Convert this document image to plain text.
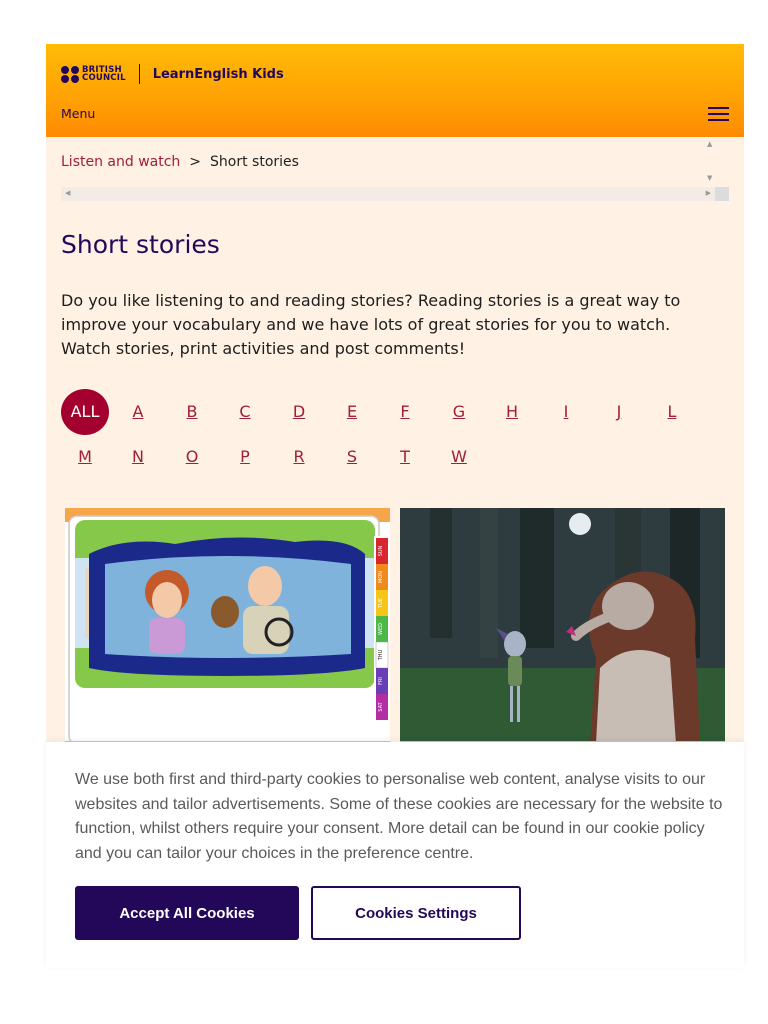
BRITISH
COUNCIL LearnEnglish Kids
Menu
Listen and watch > Short stories
▲
▼
◀	▶
Short stories

Do you like listening to and reading stories? Reading stories is a great way to improve your vocabulary and we have lots of great stories for you to watch. Watch stories, print activities and post comments!

ALL	A	B	C	D	E	F	G	H	I	J	L
M	N	O	P	R	S	T	W
SUN
MON
TUE
WED
THU
FRI
SAT

We use both first and third-party cookies to personalise web content, analyse visits to our websites and tailor advertisements. Some of these cookies are necessary for the website to function, whilst others require your consent. More detail can be found in our cookie policy and you can tailor your choices in the preference centre.

Accept All Cookies	Cookies Settings
